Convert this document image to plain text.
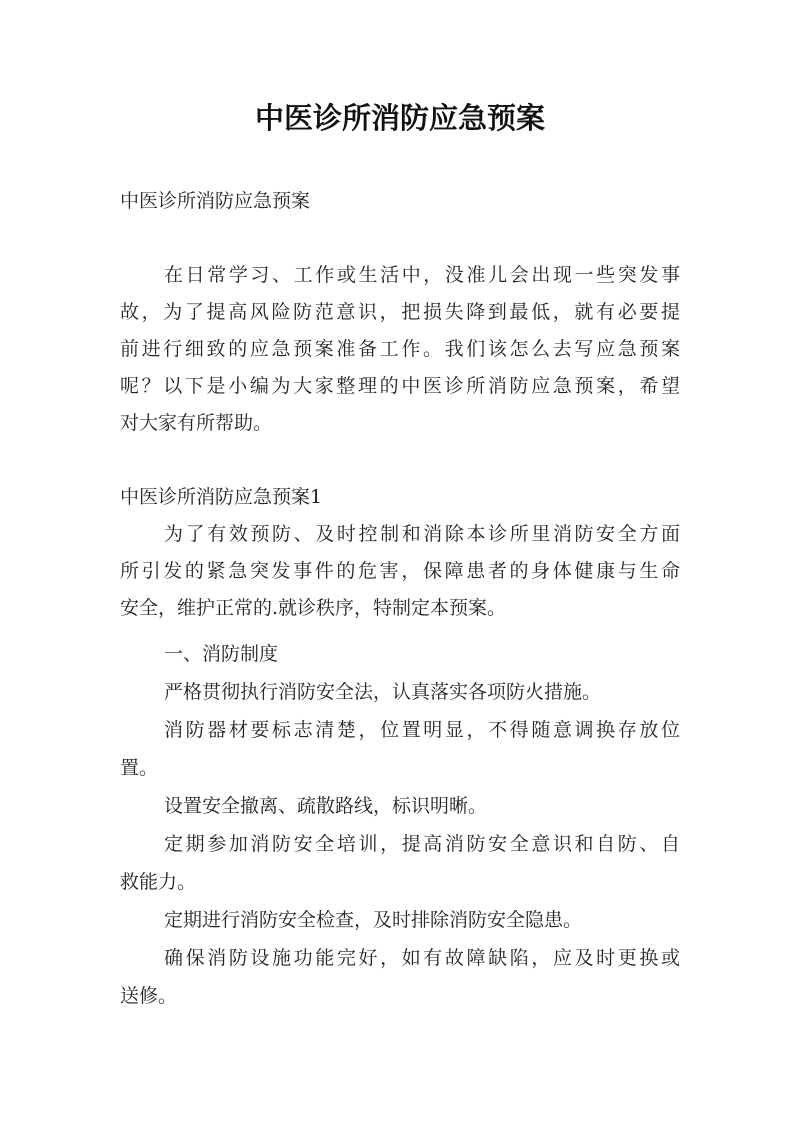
中医诊所消防应急预案
中医诊所消防应急预案
在日常学习、工作或生活中，没准儿会出现一些突发事
故，为了提高风险防范意识，把损失降到最低，就有必要提
前进行细致的应急预案准备工作。我们该怎么去写应急预案
呢？以下是小编为大家整理的中医诊所消防应急预案，希望
对大家有所帮助。
中医诊所消防应急预案1
为了有效预防、及时控制和消除本诊所里消防安全方面
所引发的紧急突发事件的危害，保障患者的身体健康与生命
安全，维护正常的.就诊秩序，特制定本预案。
一、消防制度
严格贯彻执行消防安全法，认真落实各项防火措施。
消防器材要标志清楚，位置明显，不得随意调换存放位
置。
设置安全撤离、疏散路线，标识明晰。
定期参加消防安全培训，提高消防安全意识和自防、自
救能力。
定期进行消防安全检查，及时排除消防安全隐患。
确保消防设施功能完好，如有故障缺陷，应及时更换或
送修。
